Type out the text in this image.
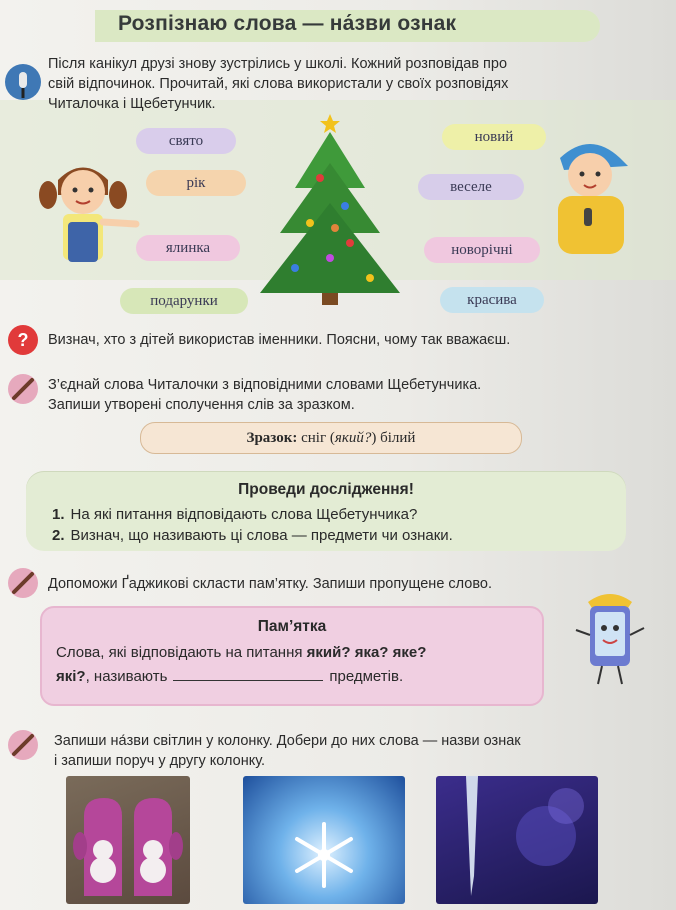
Розпізнаю слова — на́зви ознак
Після канікул друзі знову зустрілись у школі. Кожний розповідав про
свій відпочинок. Прочитай, які слова використали у своїх розповідях
Читалочка і Щебетунчик.
свято
рік
ялинка
подарунки
новий
веселе
новорічні
красива
? Визнач, хто з дітей використав іменники. Поясни, чому так вважаєш.
З’єднай слова Читалочки з відповідними словами Щебетунчика.
Запиши утворені сполучення слів за зразком.
Зразок: сніг ( який? ) білий
Проведи дослідження!
1. На які питання відповідають слова Щебетунчика?
2. Визнач, що називають ці слова — предмети чи ознаки.
Допоможи Ґаджикові скласти пам’ятку. Запиши пропущене слово.
Пам’ятка
Слова, які відповідають на питання який? яка? яке?
які?, називають	предметів.
Запиши на́зви світлин у колонку. Добери до них слова — назви ознак
і запиши поруч у другу колонку.
